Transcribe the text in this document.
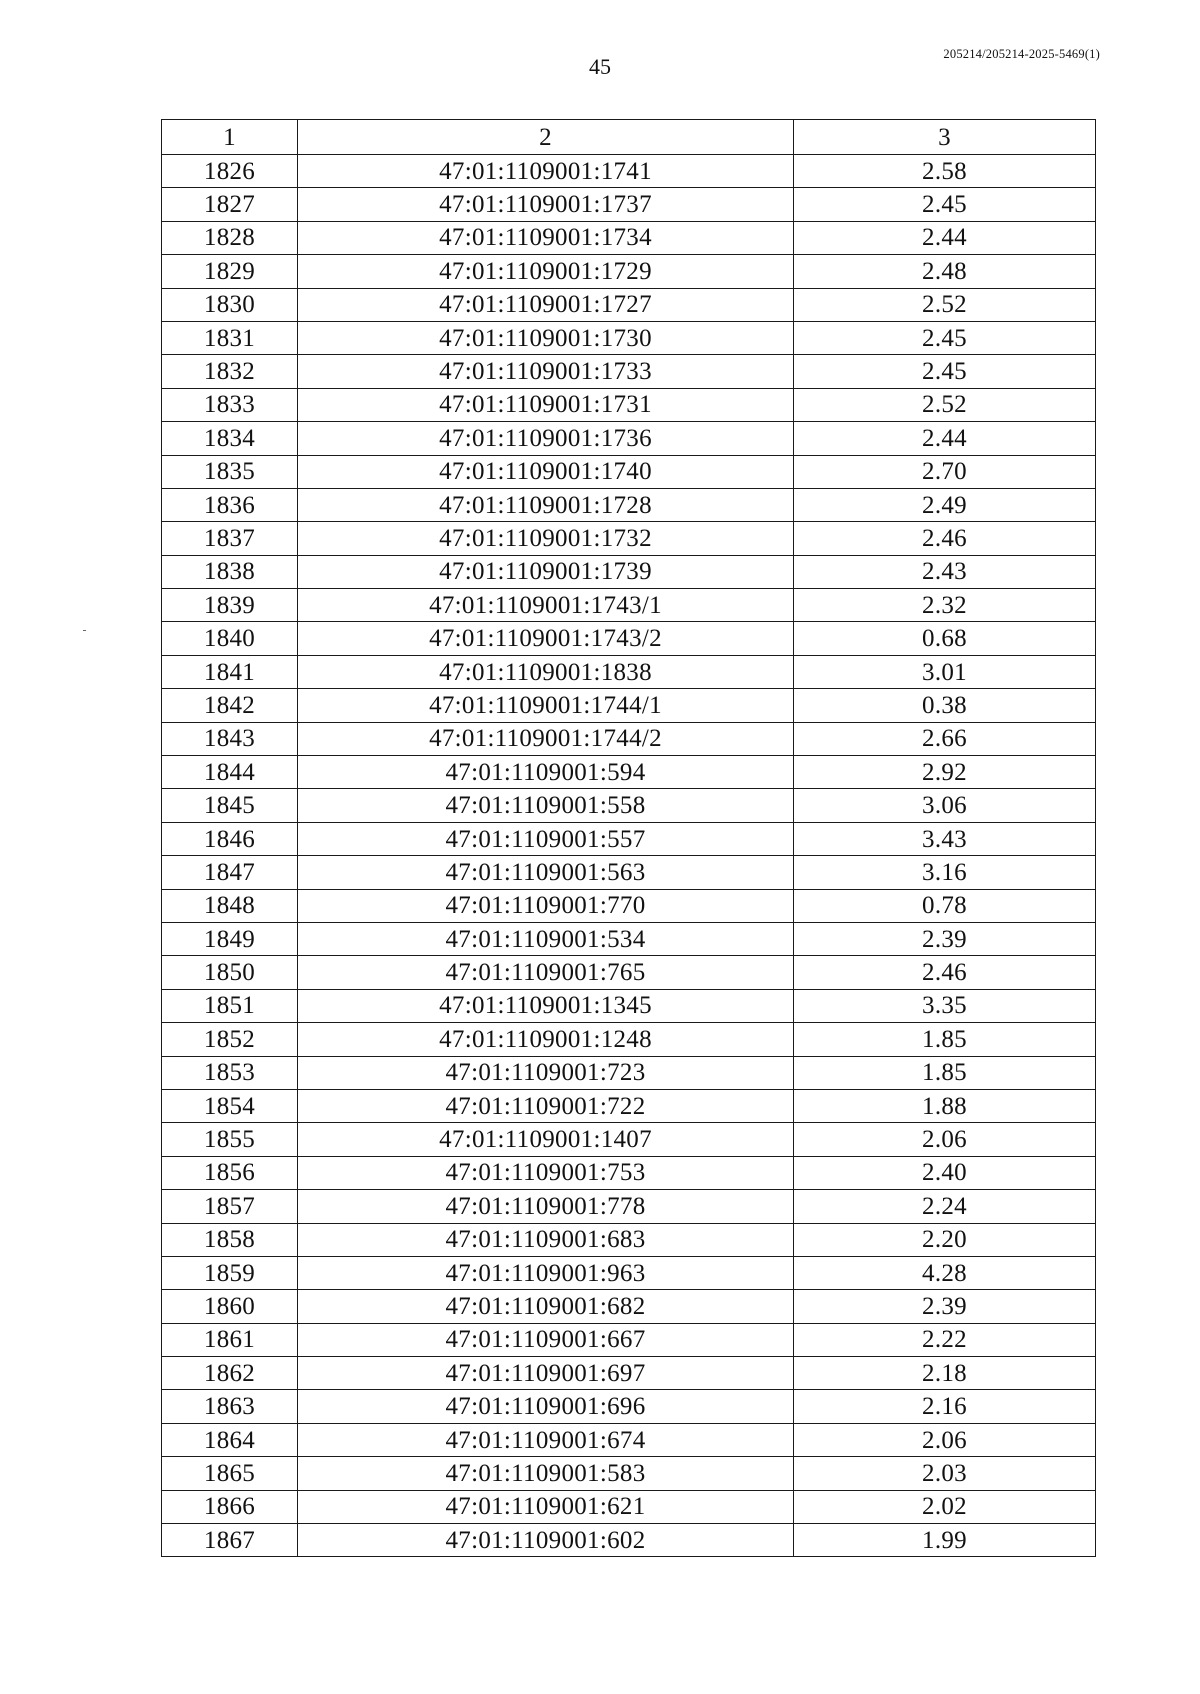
45	205214/205214-2025-5469(1)
1	2	3
1826	47:01:1109001:1741	2.58
1827	47:01:1109001:1737	2.45
1828	47:01:1109001:1734	2.44
1829	47:01:1109001:1729	2.48
1830	47:01:1109001:1727	2.52
1831	47:01:1109001:1730	2.45
1832	47:01:1109001:1733	2.45
1833	47:01:1109001:1731	2.52
1834	47:01:1109001:1736	2.44
1835	47:01:1109001:1740	2.70
1836	47:01:1109001:1728	2.49
1837	47:01:1109001:1732	2.46
1838	47:01:1109001:1739	2.43
1839	47:01:1109001:1743/1	2.32
1840	47:01:1109001:1743/2	0.68
1841	47:01:1109001:1838	3.01
1842	47:01:1109001:1744/1	0.38
1843	47:01:1109001:1744/2	2.66
1844	47:01:1109001:594	2.92
1845	47:01:1109001:558	3.06
1846	47:01:1109001:557	3.43
1847	47:01:1109001:563	3.16
1848	47:01:1109001:770	0.78
1849	47:01:1109001:534	2.39
1850	47:01:1109001:765	2.46
1851	47:01:1109001:1345	3.35
1852	47:01:1109001:1248	1.85
1853	47:01:1109001:723	1.85
1854	47:01:1109001:722	1.88
1855	47:01:1109001:1407	2.06
1856	47:01:1109001:753	2.40
1857	47:01:1109001:778	2.24
1858	47:01:1109001:683	2.20
1859	47:01:1109001:963	4.28
1860	47:01:1109001:682	2.39
1861	47:01:1109001:667	2.22
1862	47:01:1109001:697	2.18
1863	47:01:1109001:696	2.16
1864	47:01:1109001:674	2.06
1865	47:01:1109001:583	2.03
1866	47:01:1109001:621	2.02
1867	47:01:1109001:602	1.99
